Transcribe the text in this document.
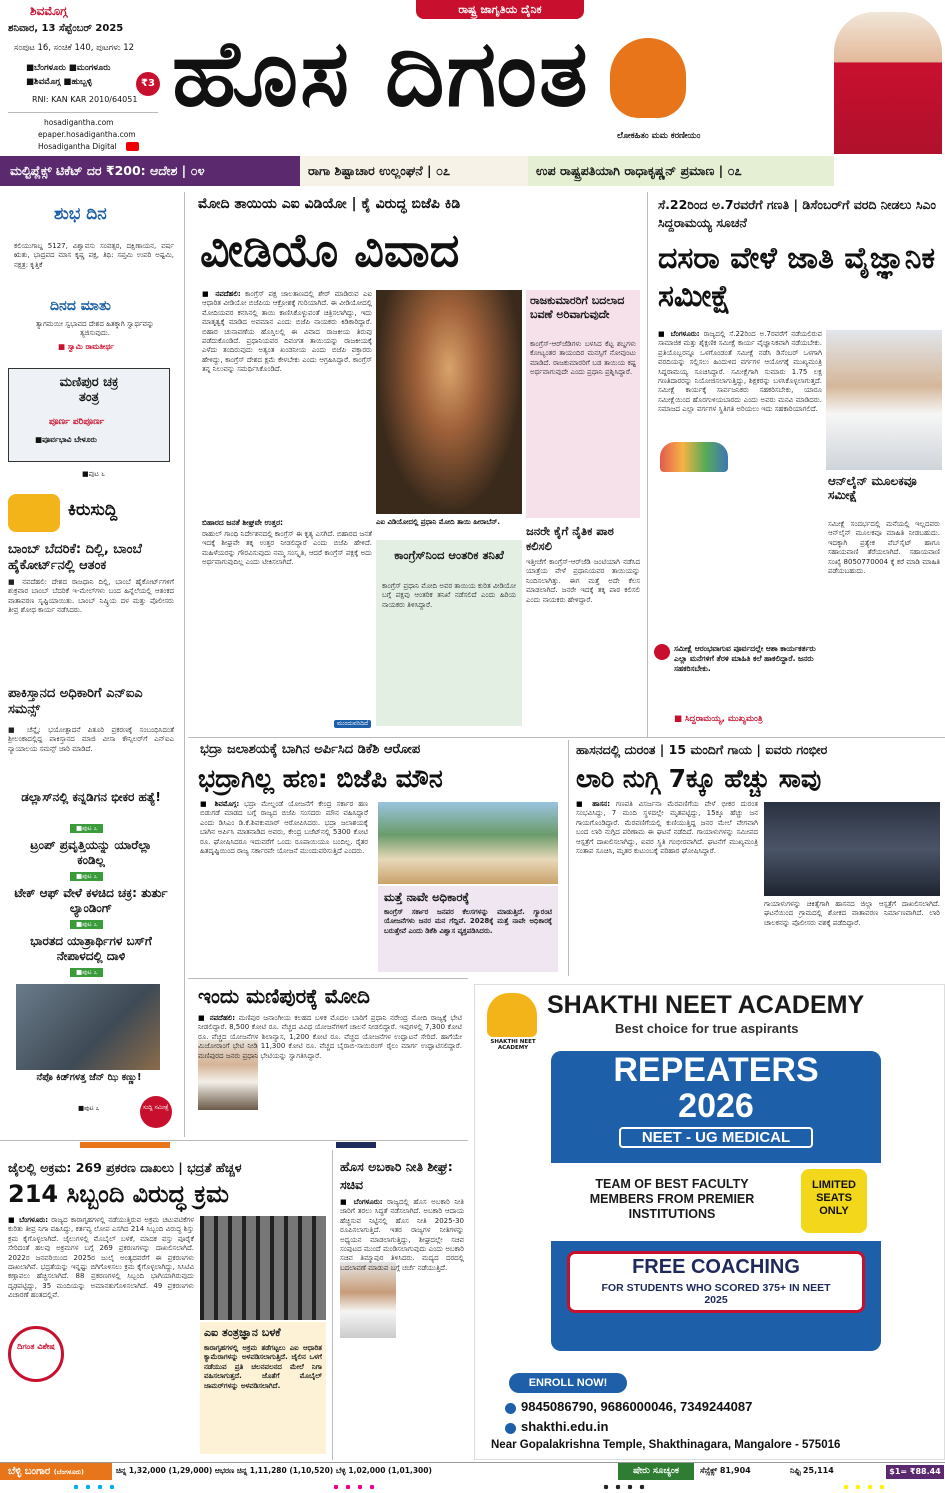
ಶಿವಮೊಗ್ಗ
ಶನಿವಾರ, 13 ಸೆಪ್ಟೆಂಬರ್ 2025
ಸಂಪುಟ 16, ಸಂಚಿಕೆ 140, ಪುಟಗಳು 12
■ಬೆಂಗಳೂರು ■ಮಂಗಳೂರು
■ಶಿವಮೊಗ್ಗ ■ಹುಬ್ಬಳ್ಳಿ	₹3
RNI: KAN KAR 2010/64051
hosadigantha.com
epaper.hosadigantha.com
Hosadigantha Digital
ರಾಷ್ಟ್ರ ಜಾಗೃತಿಯ ದೈನಿಕ
ಹೊಸ ದಿಗಂತ
ಲೋಕಹಿತಂ ಮಮ ಕರಣೀಯಂ
ಮಲ್ಟಿಪ್ಲೆಕ್ಸ್ ಟಿಕೆಟ್ ದರ ₹200: ಆದೇಶ | ೦೪	ರಾಗಾ ಶಿಷ್ಟಾಚಾರ ಉಲ್ಲಂಘನೆ | ೦೭	ಉಪ ರಾಷ್ಟ್ರಪತಿಯಾಗಿ ರಾಧಾಕೃಷ್ಣನ್ ಪ್ರಮಾಣ | ೦೭
ಶುಭ ದಿನ
ಕಲಿಯುಗಾಬ್ದ 5127, ವಿಶ್ವಾವಸು ಸಂವತ್ಸರ, ದಕ್ಷಿಣಾಯನ, ವರ್ಷ ಋತು, ಭಾದ್ರಪದ ಮಾಸ ಕೃಷ್ಣ ಪಕ್ಷ, ತಿಥಿ: ಸಪ್ತಮಿ ಉಪರಿ ಅಷ್ಟಮಿ, ನಕ್ಷತ್ರ: ಕೃತ್ತಿಕೆ
ದಿನದ ಮಾತು
ತ್ಯಾಗಮಯೀ ಸ್ವಭಾವದ ದೇಶದ ಹಿತಕ್ಕಾಗಿ ಸ್ವಾರ್ಥವನ್ನು ತ್ಯಜಿಸುವುದು.
■ ಸ್ವಾಮಿ ರಾಮತೀರ್ಥ
ಮಣಿಪುರ ಚಕ್ರ ತಂತ್ರ
ಪೂರ್ಣ ಪರಿಪೂರ್ಣ
■ಪೂರ್ವಭಾವಿ ಬೇಳೂರು
■ಪುಟ ೬
ಕಿರುಸುದ್ದಿ
ಬಾಂಬ್ ಬೆದರಿಕೆ: ದಿಲ್ಲಿ, ಬಾಂಬೆ ಹೈಕೋರ್ಟ್‌ನಲ್ಲಿ ಆತಂಕ
■ ನವದೆಹಲಿ: ದೇಶದ ರಾಜಧಾನಿ ದಿಲ್ಲಿ, ಬಾಂಬೆ ಹೈಕೋರ್ಟ್‌ಗಳಿಗೆ ಶುಕ್ರವಾರ ಬಾಂಬ್ ಬೆದರಿಕೆ ಇ-ಮೇಲ್‌ಗಳು ಬಂದ ಹಿನ್ನೆಲೆಯಲ್ಲಿ ಆತಂಕದ ವಾತಾವರಣ ಸೃಷ್ಟಿಯಾಯಿತು. ಬಾಂಬ್ ನಿಷ್ಕ್ರಿಯ ದಳ ಮತ್ತು ಪೊಲೀಸರು ತೀವ್ರ ಶೋಧ ಕಾರ್ಯ ನಡೆಸಿದರು.
ಪಾಕಿಸ್ತಾನದ ಅಧಿಕಾರಿಗೆ ಎನ್‌ಐಎ ಸಮನ್ಸ್
■ ಚೆನ್ನೈ: ಭಯೋತ್ಪಾದನೆ ಪಿತೂರಿ ಪ್ರಕರಣಕ್ಕೆ ಸಂಬಂಧಿಸಿದಂತೆ ಶ್ರೀಲಂಕಾದಲ್ಲಿದ್ದ ಪಾಕಿಸ್ತಾನದ ಮಾಜಿ ವೀಸಾ ಕೌನ್ಸಿಲರ್‌ಗೆ ಎನ್‌ಐಎ ನ್ಯಾಯಾಲಯ ಸಮನ್ಸ್ ಜಾರಿ ಮಾಡಿದೆ.
ಡಲ್ಲಾಸ್‌ನಲ್ಲಿ ಕನ್ನಡಿಗನ ಭೀಕರ ಹತ್ಯೆ!
■ಪುಟ ೭
ಟ್ರಂಪ್ ಪ್ರವೃತ್ತಿಯನ್ನು ಯಾರೆಲ್ಲಾ ಕಂಡಿಲ್ಲ
■ಪುಟ ೭
ಟೇಕ್ ಆಫ್ ವೇಳೆ ಕಳಚಿದ ಚಕ್ರ: ತುರ್ತು ಲ್ಯಾಂಡಿಂಗ್
■ಪುಟ ೭
ಭಾರತದ ಯಾತ್ರಾರ್ಥಿಗಳ ಬಸ್‌ಗೆ ನೇಪಾಳದಲ್ಲಿ ದಾಳಿ
■ಪುಟ ೭
ನೆಪೊ ಕಿಡ್‌ಗಳತ್ತ ಜೆನ್ ಝಿ ಕಣ್ಣು!
■ಪುಟ ೭	ಸುದ್ದಿ ಸಮೀಕ್ಷೆ
ಮೋದಿ ತಾಯಿಯ ಎಐ ವಿಡಿಯೋ | ಕೈ ವಿರುದ್ಧ ಬಿಜೆಪಿ ಕಿಡಿ
ವೀಡಿಯೊ ವಿವಾದ
■ ನವದೆಹಲಿ: ಕಾಂಗ್ರೆಸ್ ಪಕ್ಷ ಜಾಲತಾಣದಲ್ಲಿ ಶೇರ್ ಮಾಡಿರುವ ಎಐ ಆಧಾರಿತ ವೀಡಿಯೋ ಬಿಜೆಪಿಯ ಆಕ್ರೋಶಕ್ಕೆ ಗುರಿಯಾಗಿದೆ. ಈ ವೀಡಿಯೋದಲ್ಲಿ ಮೋದಿಯವರ ಕನಸಿನಲ್ಲಿ ತಾಯಿ ಕಾಣಿಸಿಕೊಳ್ಳುವಂತೆ ಚಿತ್ರಿಸಲಾಗಿದ್ದು, ಇದು ಮಾತೃತ್ವಕ್ಕೆ ಮಾಡಿದ ಅವಮಾನ ಎಂದು ಬಿಜೆಪಿ ನಾಯಕರು ಕಿಡಿಕಾರಿದ್ದಾರೆ. ಬಿಹಾರ ಚುನಾವಣೆಯ ಹೊಸ್ತಿಲಲ್ಲಿ ಈ ವಿವಾದ ರಾಜಕೀಯ ತಿರುವು ಪಡೆದುಕೊಂಡಿದೆ. ಪ್ರಧಾನಿಯವರ ದಿವಂಗತ ತಾಯಿಯನ್ನು ರಾಜಕೀಯಕ್ಕೆ ಎಳೆದು ತಂದಿರುವುದು ಅತ್ಯಂತ ಖಂಡನೀಯ ಎಂದು ಬಿಜೆಪಿ ವಕ್ತಾರರು ಹೇಳಿದ್ದು, ಕಾಂಗ್ರೆಸ್ ದೇಶದ ಕ್ಷಮೆ ಕೇಳಬೇಕು ಎಂದು ಆಗ್ರಹಿಸಿದ್ದಾರೆ. ಕಾಂಗ್ರೆಸ್ ತನ್ನ ನಿಲುವನ್ನು ಸಮರ್ಥಿಸಿಕೊಂಡಿದೆ.
ಬಿಹಾರದ ಜನತೆ ಶೀಘ್ರವೇ ಉತ್ತರ:
ರಾಹುಲ್ ಗಾಂಧಿ ನಿರ್ದೇಶನದಲ್ಲಿ ಕಾಂಗ್ರೆಸ್ ಈ ಕೃತ್ಯ ಎಸಗಿದೆ. ಬಿಹಾರದ ಜನತೆ ಇದಕ್ಕೆ ಶೀಘ್ರವೇ ತಕ್ಕ ಉತ್ತರ ನೀಡಲಿದ್ದಾರೆ ಎಂದು ಬಿಜೆಪಿ ಹೇಳಿದೆ. ಮಹಿಳೆಯರನ್ನು ಗೌರವಿಸುವುದು ನಮ್ಮ ಸಂಸ್ಕೃತಿ, ಆದರೆ ಕಾಂಗ್ರೆಸ್ ಪಕ್ಷಕ್ಕೆ ಅದು ಅರ್ಥವಾಗುವುದಿಲ್ಲ ಎಂದು ಟೀಕಿಸಲಾಗಿದೆ.
ಮುಂದುವರಿದಿದೆ
ಎಐ ವಿಡಿಯೋದಲ್ಲಿ ಪ್ರಧಾನಿ ಮೋದಿ ತಾಯಿ ಹೀರಾಬೆನ್.
ರಾಜಕುಮಾರರಿಗೆ ಬದಲಾದ ಬವಣೆ ಅರಿವಾಗುವುದೇ
ಕಾಂಗ್ರೆಸ್-ಆರ್‌ಜೆಡಿಗಳು ಬಳಸಿದ ಕೆಟ್ಟ ಶಬ್ದಗಳು ಕೋಟ್ಯಂತರ ತಾಯಂದಿರ ಮನಸ್ಸಿಗೆ ನೋವುಂಟು ಮಾಡಿದೆ. ರಾಜಕುಮಾರರಿಗೆ ಬಡ ತಾಯಿಯ ಕಷ್ಟ ಅರ್ಥವಾಗುವುದೇ ಎಂದು ಪ್ರಧಾನಿ ಪ್ರಶ್ನಿಸಿದ್ದಾರೆ.
ಕಾಂಗ್ರೆಸ್‌ನಿಂದ ಆಂತರಿಕ ತನಿಖೆ
ಕಾಂಗ್ರೆಸ್ ಪ್ರಧಾನಿ ಮೋದಿ ಅವರ ತಾಯಿಯ ಕುರಿತ ವೀಡಿಯೋ ಬಗ್ಗೆ ಪಕ್ಷವು ಆಂತರಿಕ ತನಿಖೆ ನಡೆಸಲಿದೆ ಎಂದು ಹಿರಿಯ ನಾಯಕರು ತಿಳಿಸಿದ್ದಾರೆ.
ಜನರೇ ಕೈಗೆ ನೈತಿಕ ಪಾಠ ಕಲಿಸಲಿ
ಇತ್ತೀಚೆಗೆ ಕಾಂಗ್ರೆಸ್-ಆರ್‌ಜೆಡಿ ಜಂಟಿಯಾಗಿ ನಡೆಸಿದ ಯಾತ್ರೆಯ ವೇಳೆ ಪ್ರಧಾನಿಯವರ ತಾಯಿಯನ್ನು ನಿಂದಿಸಲಾಗಿತ್ತು. ಈಗ ಮತ್ತೆ ಅದೇ ಕೆಲಸ ಮಾಡಲಾಗಿದೆ. ಜನರೇ ಇದಕ್ಕೆ ತಕ್ಕ ಪಾಠ ಕಲಿಸಲಿ ಎಂದು ನಾಯಕರು ಹೇಳಿದ್ದಾರೆ.
ಸೆ.22ರಿಂದ ಅ.7ರವರೆಗೆ ಗಣತಿ | ಡಿಸೆಂಬರ್‌ಗೆ ವರದಿ ನೀಡಲು ಸಿಎಂ ಸಿದ್ದರಾಮಯ್ಯ ಸೂಚನೆ
ದಸರಾ ವೇಳೆ ಜಾತಿ ವೈಜ್ಞಾನಿಕ ಸಮೀಕ್ಷೆ
■ ಬೆಂಗಳೂರು: ರಾಜ್ಯದಲ್ಲಿ ಸೆ.22ರಿಂದ ಅ.7ರವರೆಗೆ ನಡೆಯಲಿರುವ ಸಾಮಾಜಿಕ ಮತ್ತು ಶೈಕ್ಷಣಿಕ ಸಮೀಕ್ಷೆ ಕಾರ್ಯ ವೈಜ್ಞಾನಿಕವಾಗಿ ನಡೆಯಬೇಕು. ಪ್ರತಿಯೊಬ್ಬರನ್ನೂ ಒಳಗೊಂಡಂತೆ ಸಮೀಕ್ಷೆ ನಡೆಸಿ ಡಿಸೆಂಬರ್ ಒಳಗಾಗಿ ವರದಿಯನ್ನು ಸಲ್ಲಿಸಲು ಹಿಂದುಳಿದ ವರ್ಗಗಳ ಆಯೋಗಕ್ಕೆ ಮುಖ್ಯಮಂತ್ರಿ ಸಿದ್ದರಾಮಯ್ಯ ಸೂಚಿಸಿದ್ದಾರೆ. ಸಮೀಕ್ಷೆಗಾಗಿ ಸುಮಾರು 1.75 ಲಕ್ಷ ಗಣತಿದಾರರನ್ನು ನಿಯೋಜಿಸಲಾಗುತ್ತಿದ್ದು, ಶಿಕ್ಷಕರನ್ನು ಬಳಸಿಕೊಳ್ಳಲಾಗುತ್ತದೆ. ಸಮೀಕ್ಷೆ ಕಾರ್ಯಕ್ಕೆ ಸಾರ್ವಜನಿಕರು ಸಹಕರಿಸಬೇಕು, ಯಾರೂ ಸಮೀಕ್ಷೆಯಿಂದ ಹೊರಗುಳಿಯಬಾರದು ಎಂದು ಅವರು ಮನವಿ ಮಾಡಿದರು. ಸಮಾಜದ ಎಲ್ಲಾ ವರ್ಗಗಳ ಸ್ಥಿತಿಗತಿ ಅರಿಯಲು ಇದು ಸಹಕಾರಿಯಾಗಲಿದೆ.
ಆನ್‌ಲೈನ್ ಮೂಲಕವೂ ಸಮೀಕ್ಷೆ
ಸಮೀಕ್ಷೆ ಸಂದರ್ಭದಲ್ಲಿ ಮನೆಯಲ್ಲಿ ಇಲ್ಲದವರು ಆನ್‌ಲೈನ್ ಮೂಲಕವೂ ಮಾಹಿತಿ ನೀಡಬಹುದು. ಇದಕ್ಕಾಗಿ ಪ್ರತ್ಯೇಕ ವೆಬ್‌ಸೈಟ್ ಹಾಗೂ ಸಹಾಯವಾಣಿ ತೆರೆಯಲಾಗಿದೆ. ಸಹಾಯವಾಣಿ ಸಂಖ್ಯೆ 8050770004 ಕ್ಕೆ ಕರೆ ಮಾಡಿ ಮಾಹಿತಿ ಪಡೆಯಬಹುದು.
ಸಮೀಕ್ಷೆ ಆರಂಭವಾಗುವ ಪೂರ್ವದಲ್ಲೇ ಆಶಾ ಕಾರ್ಯಕರ್ತರು ಎಲ್ಲಾ ಮನೆಗಳಿಗೆ ತೆರಳಿ ಮಾಹಿತಿ ಕಲೆ ಹಾಕಲಿದ್ದಾರೆ. ಜನರು ಸಹಕರಿಸಬೇಕು.
■ ಸಿದ್ದರಾಮಯ್ಯ, ಮುಖ್ಯಮಂತ್ರಿ
ಭದ್ರಾ ಜಲಾಶಯಕ್ಕೆ ಬಾಗಿನ ಅರ್ಪಿಸಿದ ಡಿಕೆಶಿ ಆರೋಪ
ಭದ್ರಾಗಿಲ್ಲ ಹಣ: ಬಿಜೆಪಿ ಮೌನ
■ ಶಿವಮೊಗ್ಗ: ಭದ್ರಾ ಮೇಲ್ದಂಡೆ ಯೋಜನೆಗೆ ಕೇಂದ್ರ ಸರ್ಕಾರ ಹಣ ಬಿಡುಗಡೆ ಮಾಡದ ಬಗ್ಗೆ ರಾಜ್ಯದ ಬಿಜೆಪಿ ಸಂಸದರು ಮೌನ ವಹಿಸಿದ್ದಾರೆ ಎಂದು ಡಿಸಿಎಂ ಡಿ.ಕೆ.ಶಿವಕುಮಾರ್ ಆರೋಪಿಸಿದರು. ಭದ್ರಾ ಜಲಾಶಯಕ್ಕೆ ಬಾಗಿನ ಅರ್ಪಿಸಿ ಮಾತನಾಡಿದ ಅವರು, ಕೇಂದ್ರ ಬಜೆಟ್‌ನಲ್ಲಿ 5300 ಕೋಟಿ ರೂ. ಘೋಷಿಸಿದರೂ ಇದುವರೆಗೆ ಒಂದು ರೂಪಾಯಿಯೂ ಬಂದಿಲ್ಲ. ರೈತರ ಹಿತದೃಷ್ಟಿಯಿಂದ ರಾಜ್ಯ ಸರ್ಕಾರವೇ ಯೋಜನೆ ಮುಂದುವರಿಸುತ್ತಿದೆ ಎಂದರು.
ಮತ್ತೆ ನಾವೇ ಅಧಿಕಾರಕ್ಕೆ
ಕಾಂಗ್ರೆಸ್ ಸರ್ಕಾರ ಜನಪರ ಕೆಲಸಗಳನ್ನು ಮಾಡುತ್ತಿದೆ. ಗ್ಯಾರಂಟಿ ಯೋಜನೆಗಳು ಜನರ ಮನ ಗೆದ್ದಿವೆ. 2028ಕ್ಕೆ ಮತ್ತೆ ನಾವೇ ಅಧಿಕಾರಕ್ಕೆ ಬರುತ್ತೇವೆ ಎಂದು ಡಿಕೆಶಿ ವಿಶ್ವಾಸ ವ್ಯಕ್ತಪಡಿಸಿದರು.
ಹಾಸನದಲ್ಲಿ ದುರಂತ | 15 ಮಂದಿಗೆ ಗಾಯ | ಐವರು ಗಂಭೀರ
ಲಾರಿ ನುಗ್ಗಿ 7ಕ್ಕೂ ಹೆಚ್ಚು ಸಾವು
■ ಹಾಸನ: ಗಣಪತಿ ವಿಸರ್ಜನಾ ಮೆರವಣಿಗೆಯ ವೇಳೆ ಭೀಕರ ದುರಂತ ಸಂಭವಿಸಿದ್ದು, 7 ಮಂದಿ ಸ್ಥಳದಲ್ಲೇ ಮೃತಪಟ್ಟಿದ್ದು, 15ಕ್ಕೂ ಹೆಚ್ಚು ಜನ ಗಾಯಗೊಂಡಿದ್ದಾರೆ. ಮೆರವಣಿಗೆಯಲ್ಲಿ ಕುಣಿಯುತ್ತಿದ್ದ ಜನರ ಮೇಲೆ ವೇಗವಾಗಿ ಬಂದ ಲಾರಿ ನುಗ್ಗಿದ ಪರಿಣಾಮ ಈ ಘಟನೆ ನಡೆದಿದೆ. ಗಾಯಾಳುಗಳನ್ನು ಸಮೀಪದ ಆಸ್ಪತ್ರೆಗೆ ದಾಖಲಿಸಲಾಗಿದ್ದು, ಐವರ ಸ್ಥಿತಿ ಗಂಭೀರವಾಗಿದೆ. ಘಟನೆಗೆ ಮುಖ್ಯಮಂತ್ರಿ ಸಂತಾಪ ಸೂಚಿಸಿ, ಮೃತರ ಕುಟುಂಬಕ್ಕೆ ಪರಿಹಾರ ಘೋಷಿಸಿದ್ದಾರೆ.
ಗಾಯಾಳುಗಳನ್ನು ಚಿಕಿತ್ಸೆಗಾಗಿ ಹಾಸನದ ಜಿಲ್ಲಾ ಆಸ್ಪತ್ರೆಗೆ ದಾಖಲಿಸಲಾಗಿದೆ. ಘಟನೆಯಿಂದ ಗ್ರಾಮದಲ್ಲಿ ಶೋಕದ ವಾತಾವರಣ ನಿರ್ಮಾಣವಾಗಿದೆ. ಲಾರಿ ಚಾಲಕನನ್ನು ಪೊಲೀಸರು ವಶಕ್ಕೆ ಪಡೆದಿದ್ದಾರೆ.
ಇಂದು ಮಣಿಪುರಕ್ಕೆ ಮೋದಿ
■ ನವದೆಹಲಿ: ಮಣಿಪುರ ಜನಾಂಗೀಯ ಕಲಹದ ಬಳಿಕ ಮೊದಲ ಬಾರಿಗೆ ಪ್ರಧಾನಿ ನರೇಂದ್ರ ಮೋದಿ ರಾಜ್ಯಕ್ಕೆ ಭೇಟಿ ನೀಡಲಿದ್ದಾರೆ. 8,500 ಕೋಟಿ ರೂ. ವೆಚ್ಚದ ವಿವಿಧ ಯೋಜನೆಗಳಿಗೆ ಚಾಲನೆ ನೀಡಲಿದ್ದಾರೆ. ಇವುಗಳಲ್ಲಿ 7,300 ಕೋಟಿ ರೂ. ವೆಚ್ಚದ ಯೋಜನೆಗಳ ಶಿಲಾನ್ಯಾಸ, 1,200 ಕೋಟಿ ರೂ. ವೆಚ್ಚದ ಯೋಜನೆಗಳ ಉದ್ಘಾಟನೆ ಸೇರಿದೆ. ಹಾಗೆಯೇ ಮಿಜೋರಾಂಗೆ ಭೇಟಿ ನೀಡಿ 11,300 ಕೋಟಿ ರೂ. ವೆಚ್ಚದ ಬೈರಾಬಿ-ಸಾಯಿರಂಗ್ ರೈಲು ಮಾರ್ಗ ಉದ್ಘಾಟಿಸಲಿದ್ದಾರೆ. ಮಣಿಪುರದ ಜನರು ಪ್ರಧಾನಿ ಭೇಟಿಯನ್ನು ಸ್ವಾಗತಿಸಿದ್ದಾರೆ.
ಜೈಲಲ್ಲಿ ಅಕ್ರಮ: 269 ಪ್ರಕರಣ ದಾಖಲು | ಭದ್ರತೆ ಹೆಚ್ಚಳ
214 ಸಿಬ್ಬಂದಿ ವಿರುದ್ಧ ಕ್ರಮ
■ ಬೆಂಗಳೂರು: ರಾಜ್ಯದ ಕಾರಾಗೃಹಗಳಲ್ಲಿ ನಡೆಯುತ್ತಿರುವ ಅಕ್ರಮ ಚಟುವಟಿಕೆಗಳ ಕುರಿತು ತೀವ್ರ ನಿಗಾ ವಹಿಸಿದ್ದು, ಕರ್ತವ್ಯ ಲೋಪ ಎಸಗಿದ 214 ಸಿಬ್ಬಂದಿ ವಿರುದ್ಧ ಶಿಸ್ತು ಕ್ರಮ ಕೈಗೊಳ್ಳಲಾಗಿದೆ. ಜೈಲುಗಳಲ್ಲಿ ಮೊಬೈಲ್ ಬಳಕೆ, ಮಾದಕ ವಸ್ತು ಪೂರೈಕೆ ಸೇರಿದಂತೆ ಹಲವು ಅಕ್ರಮಗಳ ಬಗ್ಗೆ 269 ಪ್ರಕರಣಗಳನ್ನು ದಾಖಲಿಸಲಾಗಿದೆ. 2022ರ ಜನವರಿಯಿಂದ 2025ರ ಜುಲೈ ಅಂತ್ಯದವರೆಗೆ ಈ ಪ್ರಕರಣಗಳು ದಾಖಲಾಗಿವೆ. ಭದ್ರತೆಯನ್ನು ಇನ್ನಷ್ಟು ಬಿಗಿಗೊಳಿಸಲು ಕ್ರಮ ಕೈಗೊಳ್ಳಲಾಗಿದ್ದು, ಸಿಸಿಟಿವಿ ಕಣ್ಗಾವಲು ಹೆಚ್ಚಿಸಲಾಗಿದೆ. 88 ಪ್ರಕರಣಗಳಲ್ಲಿ ಸಿಬ್ಬಂದಿ ಭಾಗಿಯಾಗಿರುವುದು ದೃಢಪಟ್ಟಿದ್ದು, 35 ಮಂದಿಯನ್ನು ಅಮಾನತುಗೊಳಿಸಲಾಗಿದೆ. 49 ಪ್ರಕರಣಗಳು ವಿಚಾರಣೆ ಹಂತದಲ್ಲಿವೆ.
ದಿಗಂತ ವಿಶೇಷ
ಎಐ ತಂತ್ರಜ್ಞಾನ ಬಳಕೆ
ಕಾರಾಗೃಹಗಳಲ್ಲಿ ಅಕ್ರಮ ತಡೆಗಟ್ಟಲು ಎಐ ಆಧಾರಿತ ಕ್ಯಾಮೆರಾಗಳನ್ನು ಅಳವಡಿಸಲಾಗುತ್ತಿದೆ. ಜೈಲಿನ ಒಳಗೆ ನಡೆಯುವ ಪ್ರತಿ ಚಲನವಲನದ ಮೇಲೆ ನಿಗಾ ವಹಿಸಲಾಗುತ್ತದೆ. ಜೊತೆಗೆ ಮೊಬೈಲ್ ಜಾಮರ್‌ಗಳನ್ನು ಅಳವಡಿಸಲಾಗಿದೆ.
ಹೊಸ ಅಬಕಾರಿ ನೀತಿ ಶೀಘ್ರ: ಸಚಿವ
■ ಬೆಂಗಳೂರು: ರಾಜ್ಯದಲ್ಲಿ ಹೊಸ ಅಬಕಾರಿ ನೀತಿ ಜಾರಿಗೆ ತರಲು ಸಿದ್ಧತೆ ನಡೆಸಲಾಗಿದೆ. ಅಬಕಾರಿ ಆದಾಯ ಹೆಚ್ಚಿಸುವ ನಿಟ್ಟಿನಲ್ಲಿ ಹೊಸ ನೀತಿ 2025-30 ರೂಪಿಸಲಾಗುತ್ತಿದೆ. ಇತರ ರಾಜ್ಯಗಳ ನೀತಿಗಳನ್ನು ಅಧ್ಯಯನ ಮಾಡಲಾಗುತ್ತಿದ್ದು, ಶೀಘ್ರದಲ್ಲೇ ಸಚಿವ ಸಂಪುಟದ ಮುಂದೆ ಮಂಡಿಸಲಾಗುವುದು ಎಂದು ಅಬಕಾರಿ ಸಚಿವ ತಿಮ್ಮಾಪುರ ತಿಳಿಸಿದರು. ಮದ್ಯದ ದರದಲ್ಲಿ ಬದಲಾವಣೆ ಮಾಡುವ ಬಗ್ಗೆ ಚರ್ಚೆ ನಡೆಯುತ್ತಿದೆ.
SHAKTHI NEET ACADEMY
SHAKTHI NEET ACADEMY
Best choice for true aspirants
REPEATERS
2026
NEET - UG MEDICAL
TEAM OF BEST FACULTY MEMBERS FROM PREMIER INSTITUTIONS
LIMITED SEATS ONLY
FREE COACHING
FOR STUDENTS WHO SCORED 375+ IN NEET 2025
ENROLL NOW!
9845086790, 9686000046, 7349244087
shakthi.edu.in
Near Gopalakrishna Temple, Shakthinagara, Mangalore - 575016
ಬೆಳ್ಳಿ ಬಂಗಾರ (ಬೆಂಗಳೂರು)	ಚಿನ್ನ 1,32,000 (1,29,000) ಆಭರಣ ಚಿನ್ನ 1,11,280 (1,10,520) ಬೆಳ್ಳಿ 1,02,000 (1,01,300)	ಷೇರು ಸೂಚ್ಯಂಕ	ಸೆನ್ಸೆಕ್ಸ್ 81,904	ನಿಫ್ಟಿ 25,114	$1= ₹88.44
